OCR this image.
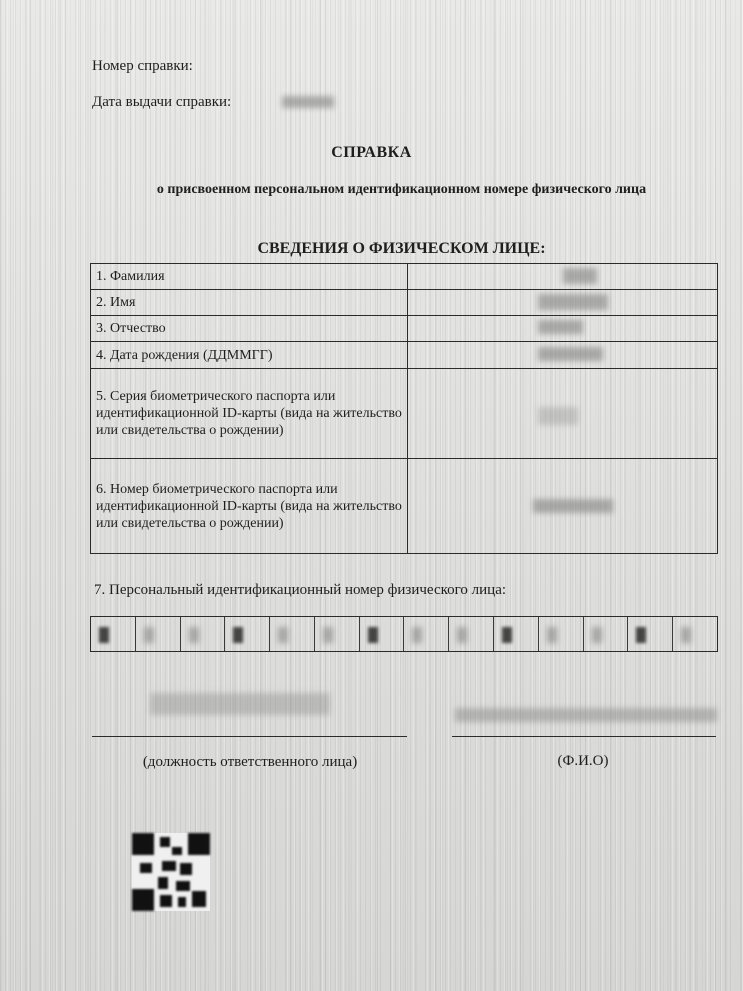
Номер справки:
Дата выдачи справки:
СПРАВКА
о присвоенном персональном идентификационном номере физического лица
СВЕДЕНИЯ О ФИЗИЧЕСКОМ ЛИЦЕ:
1. Фамилия	

2. Имя	

3. Отчество	

4. Дата рождения (ДДММГГ)	

5. Серия биометрического паспорта или идентификационной ID-карты (вида на жительство или свидетельства о рождении)	

6. Номер биометрического паспорта или идентификационной ID-карты (вида на жительство или свидетельства о рождении)	
7. Персональный идентификационный номер физического лица:
(должность ответственного лица)	(Ф.И.О)
